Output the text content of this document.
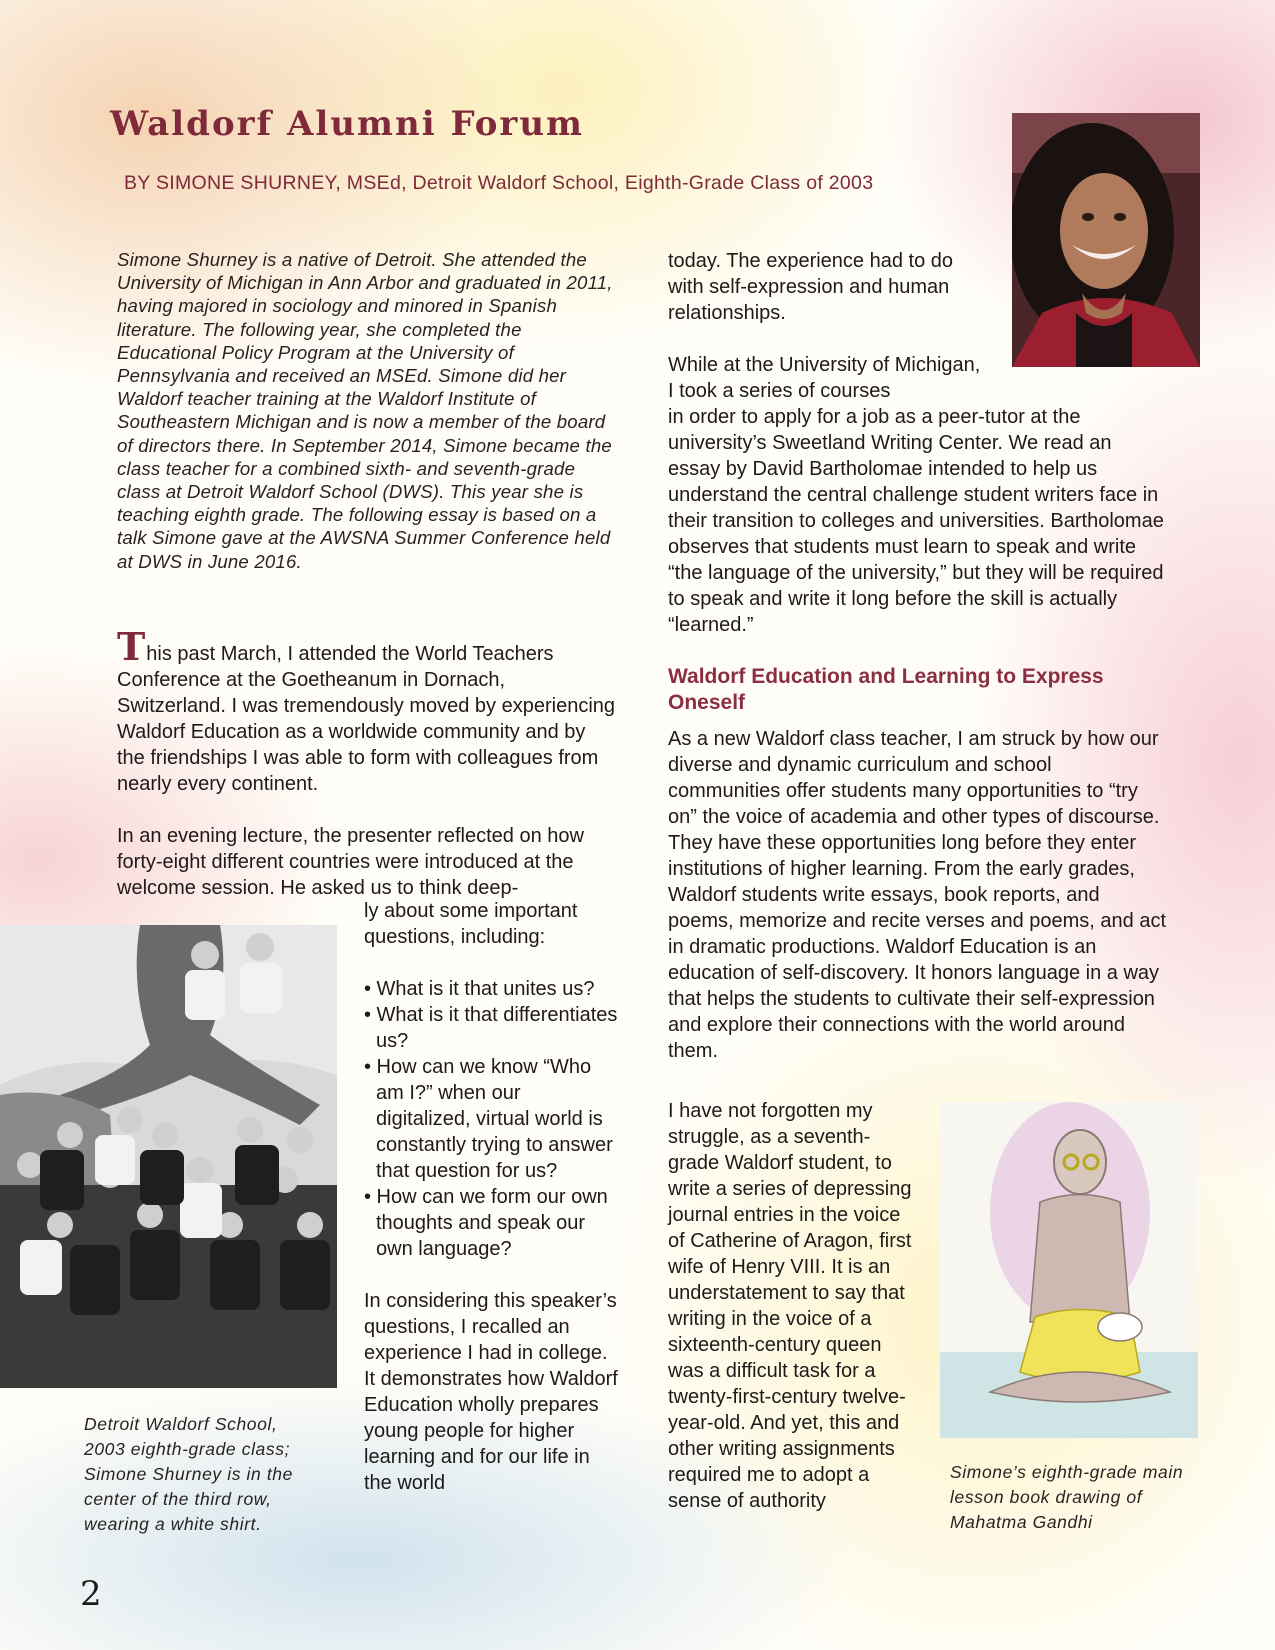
Waldorf Alumni Forum
BY SIMONE SHURNEY, MSEd, Detroit Waldorf School, Eighth-Grade Class of 2003
Simone Shurney is a native of Detroit. She attended the University of Michigan in Ann Arbor and graduated in 2011, having majored in sociology and minored in Spanish literature. The following year, she completed the Educational Policy Program at the University of Pennsylvania and received an MSEd. Simone did her Waldorf teacher training at the Waldorf Institute of Southeastern Michigan and is now a member of the board of directors there. In September 2014, Simone became the class teacher for a combined sixth- and seventh-grade class at Detroit Waldorf School (DWS). This year she is teaching eighth grade. The following essay is based on a talk Simone gave at the AWSNA Summer Conference held at DWS in June 2016.

This past March, I attended the World Teachers Conference at the Goetheanum in Dornach, Switzerland. I was tremendously moved by experiencing Waldorf Education as a worldwide community and by the friendships I was able to form with colleagues from nearly every continent.

In an evening lecture, the presenter reflected on how forty-eight different countries were introduced at the welcome session. He asked us to think deep-

Detroit Waldorf School, 2003 eighth-grade class; Simone Shurney is in the center of the third row, wearing a white shirt.

ly about some important questions, including:

• What is it that unites us?
• What is it that differentiates us?
• How can we know “Who am I?” when our digitalized, virtual world is constantly trying to answer that question for us?
• How can we form our own thoughts and speak our own language?

In considering this speaker’s questions, I recalled an experience I had in college. It demonstrates how Waldorf Education wholly prepares young people for higher learning and for our life in the world

today. The experience had to do with self-expression and human relationships.

While at the University of Michigan, I took a series of courses
in order to apply for a job as a peer-tutor at the university’s Sweetland Writing Center. We read an essay by David Bartholomae intended to help us understand the central challenge student writers face in their transition to colleges and universities. Bartholomae observes that students must learn to speak and write “the language of the university,” but they will be required to speak and write it long before the skill is actually “learned.”

Waldorf Education and Learning to Express Oneself

As a new Waldorf class teacher, I am struck by how our diverse and dynamic curriculum and school communities offer students many opportunities to “try on” the voice of academia and other types of discourse. They have these opportunities long before they enter institutions of higher learning. From the early grades, Waldorf students write essays, book reports, and poems, memorize and recite verses and poems, and act in dramatic productions. Waldorf Education is an education of self-discovery. It honors language in a way that helps the students to cultivate their self-expression and explore their connections with the world around them.

I have not forgotten my struggle, as a seventh-grade Waldorf student, to write a series of depressing journal entries in the voice of Catherine of Aragon, first wife of Henry VIII. It is an understatement to say that writing in the voice of a sixteenth-century queen was a difficult task for a twenty-first-century twelve-year-old. And yet, this and other writing assignments required me to adopt a sense of authority

Simone’s eighth-grade main lesson book drawing of Mahatma Gandhi
2
